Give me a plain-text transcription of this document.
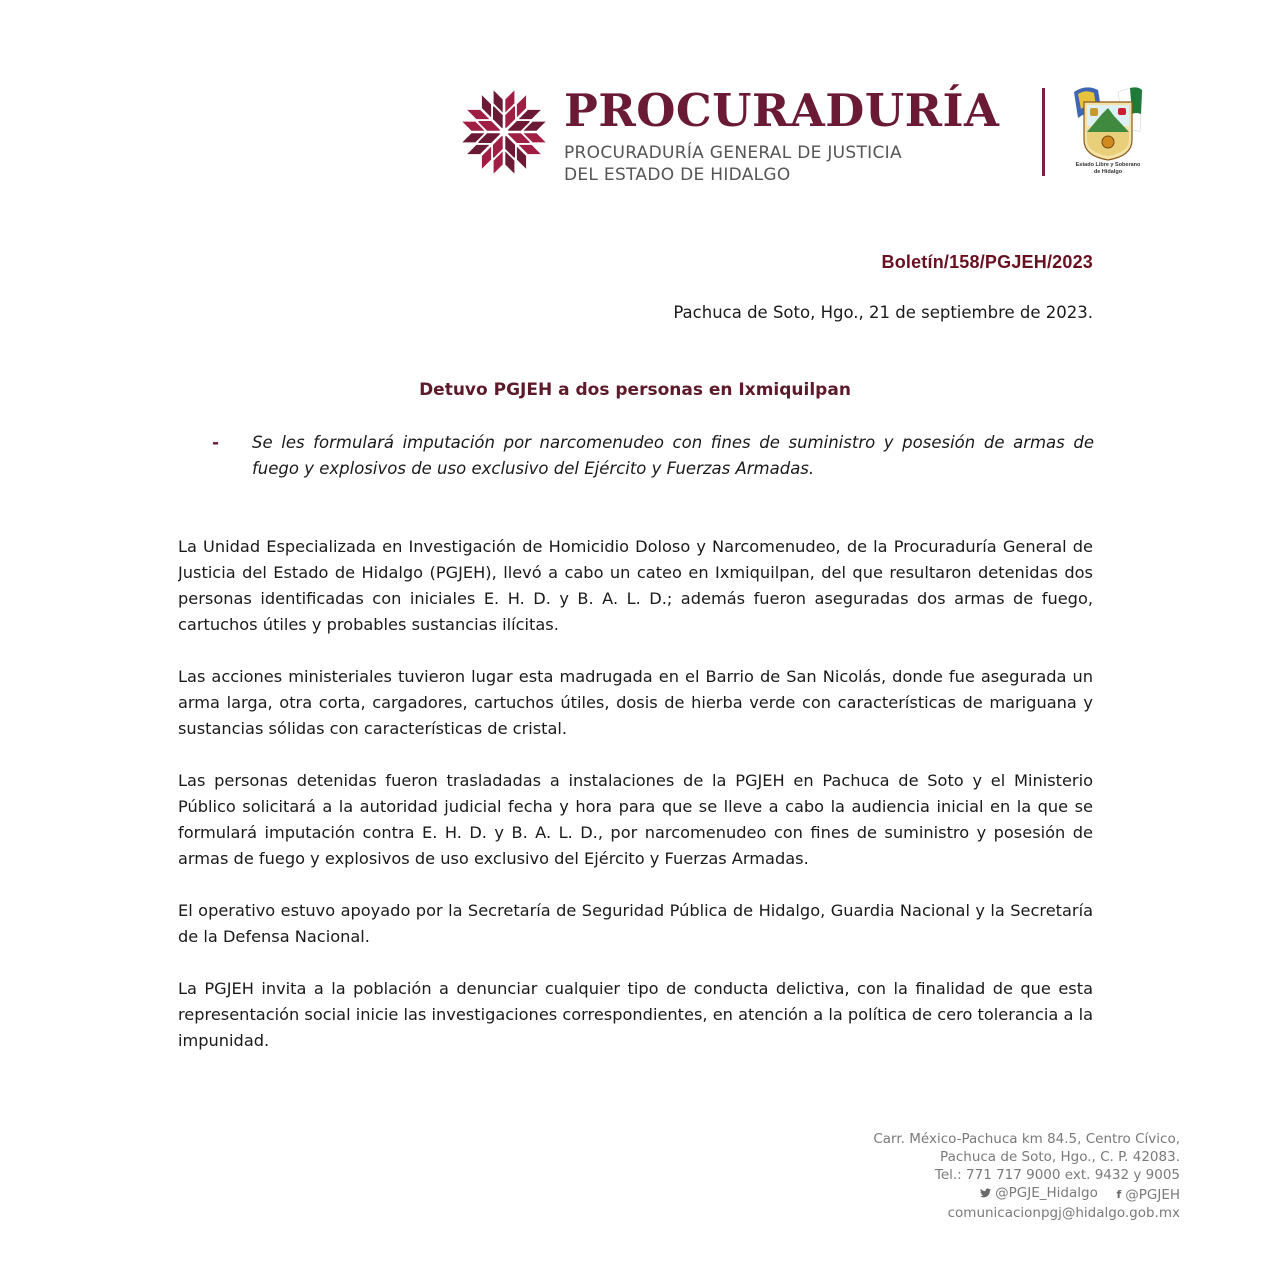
PROCURADURÍA
PROCURADURÍA GENERAL DE JUSTICIA
DEL ESTADO DE HIDALGO	Estado Libre y Soberano
de Hidalgo
Boletín/158/PGJEH/2023
Pachuca de Soto, Hgo., 21 de septiembre de 2023.
Detuvo PGJEH a dos personas en Ixmiquilpan
-	Se les formulará imputación por narcomenudeo con fines de suministro y posesión de armas de fuego y explosivos de uso exclusivo del Ejército y Fuerzas Armadas.

La Unidad Especializada en Investigación de Homicidio Doloso y Narcomenudeo, de la Procuraduría General de Justicia del Estado de Hidalgo (PGJEH), llevó a cabo un cateo en Ixmiquilpan, del que resultaron detenidas dos personas identificadas con iniciales E. H. D. y B. A. L. D.; además fueron aseguradas dos armas de fuego, cartuchos útiles y probables sustancias ilícitas.

Las acciones ministeriales tuvieron lugar esta madrugada en el Barrio de San Nicolás, donde fue asegurada un arma larga, otra corta, cargadores, cartuchos útiles, dosis de hierba verde con características de mariguana y sustancias sólidas con características de cristal.

Las personas detenidas fueron trasladadas a instalaciones de la PGJEH en Pachuca de Soto y el Ministerio Público solicitará a la autoridad judicial fecha y hora para que se lleve a cabo la audiencia inicial en la que se formulará imputación contra E. H. D. y B. A. L. D., por narcomenudeo con fines de suministro y posesión de armas de fuego y explosivos de uso exclusivo del Ejército y Fuerzas Armadas.

El operativo estuvo apoyado por la Secretaría de Seguridad Pública de Hidalgo, Guardia Nacional y la Secretaría de la Defensa Nacional.

La PGJEH invita a la población a denunciar cualquier tipo de conducta delictiva, con la finalidad de que esta representación social inicie las investigaciones correspondientes, en atención a la política de cero tolerancia a la impunidad.

Carr. México-Pachuca km 84.5, Centro Cívico,
Pachuca de Soto, Hgo., C. P. 42083.
Tel.: 771 717 9000 ext. 9432 y 9005
@PGJE_Hidalgo
f @PGJEH
comunicacionpgj@hidalgo.gob.mx
